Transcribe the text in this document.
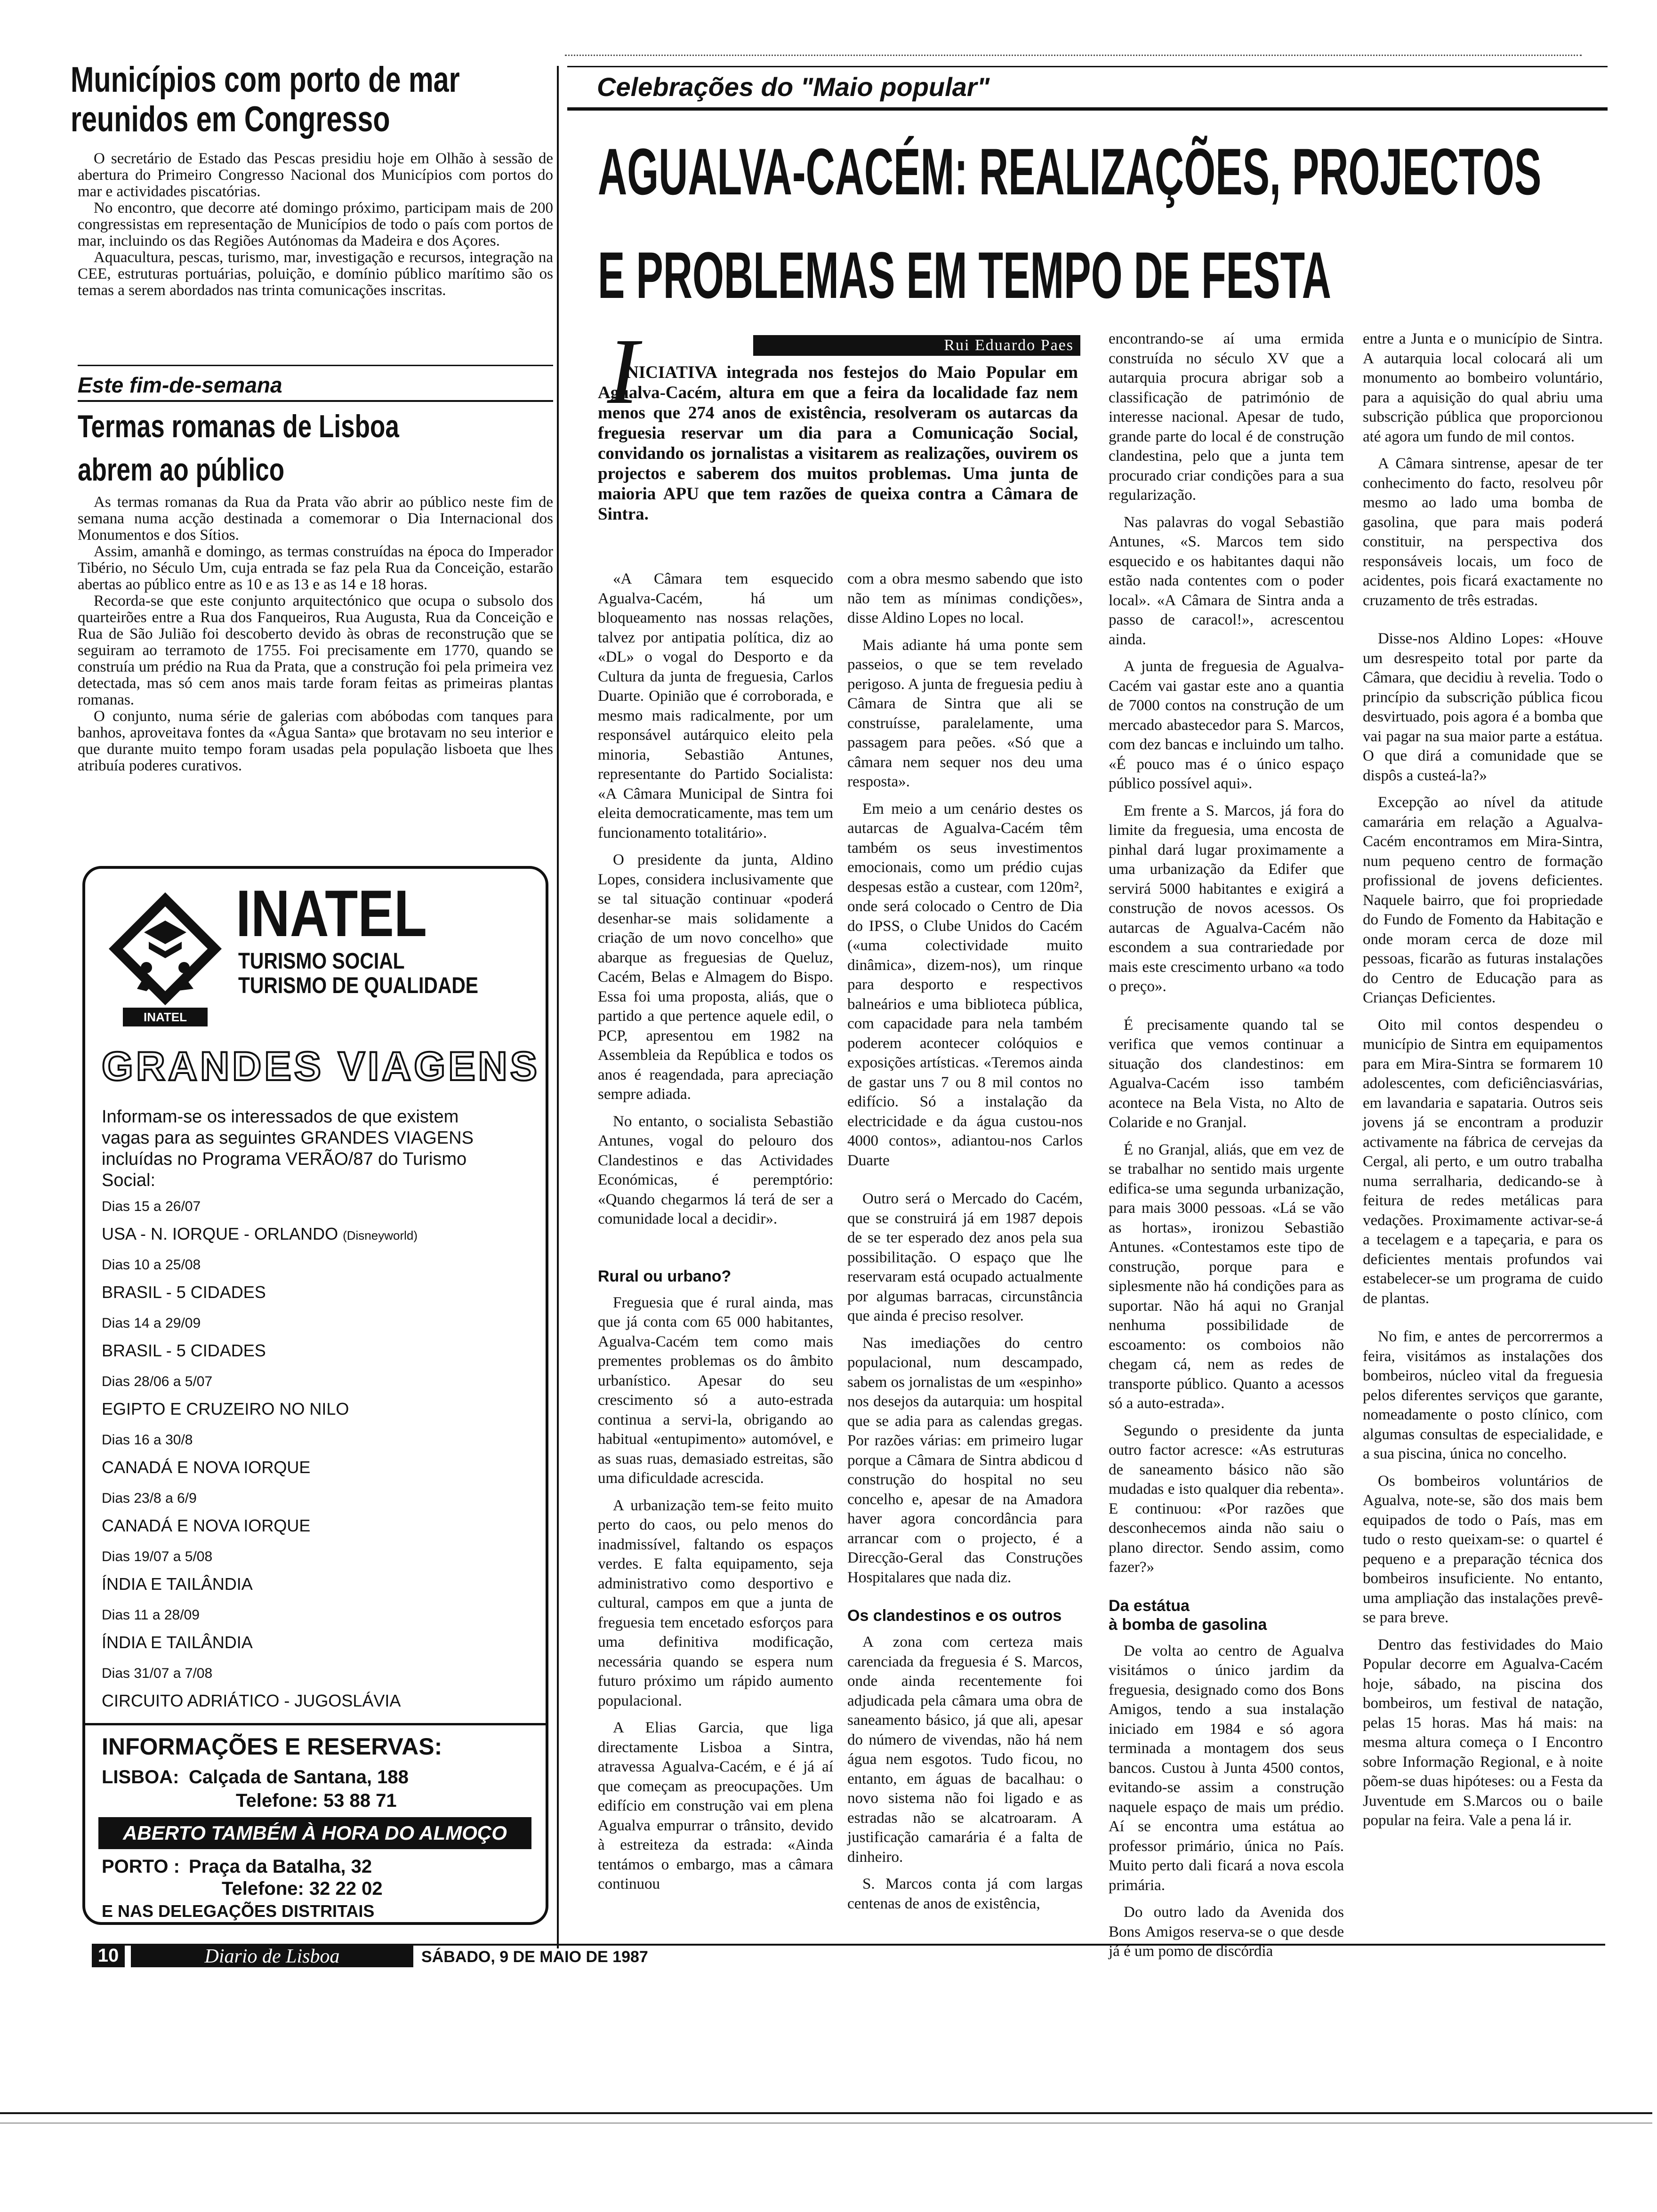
Municípios com porto de mar
reunidos em Congresso

O secretário de Estado das Pescas presidiu hoje em Olhão à sessão de abertura do Primeiro Congresso Nacional dos Municípios com portos do mar e actividades piscatórias.

No encontro, que decorre até domingo próximo, participam mais de 200 congressistas em representação de Municípios de todo o país com portos de mar, incluindo os das Regiões Autónomas da Madeira e dos Açores.

Aquacultura, pescas, turismo, mar, investigação e recursos, integração na CEE, estruturas portuárias, poluição, e domínio público marítimo são os temas a serem abordados nas trinta comunicações inscritas.

Este fim-de-semana
Termas romanas de Lisboa
abrem ao público

As termas romanas da Rua da Prata vão abrir ao público neste fim de semana numa acção destinada a comemorar o Dia Internacional dos Monumentos e dos Sítios.

Assim, amanhã e domingo, as termas construídas na época do Imperador Tibério, no Século Um, cuja entrada se faz pela Rua da Conceição, estarão abertas ao público entre as 10 e as 13 e as 14 e 18 horas.

Recorda-se que este conjunto arquitectónico que ocupa o subsolo dos quarteirões entre a Rua dos Fanqueiros, Rua Augusta, Rua da Conceição e Rua de São Julião foi descoberto devido às obras de reconstrução que se seguiram ao terramoto de 1755. Foi precisamente em 1770, quando se construía um prédio na Rua da Prata, que a construção foi pela primeira vez detectada, mas só cem anos mais tarde foram feitas as primeiras plantas romanas.

O conjunto, numa série de galerias com abóbodas com tanques para banhos, aproveitava fontes da «Água Santa» que brotavam no seu interior e que durante muito tempo foram usadas pela população lisboeta que lhes atribuía poderes curativos.

INATEL
INATEL
TURISMO SOCIAL
TURISMO DE QUALIDADE
GRANDES VIAGENS
Informam-se os interessados de que existem
vagas para as seguintes GRANDES VIAGENS
incluídas no Programa VERÃO/87 do Turismo
Social:
Dias 15 a 26/07
USA - N. IORQUE - ORLANDO (Disneyworld)
Dias 10 a 25/08
BRASIL - 5 CIDADES
Dias 14 a 29/09
BRASIL - 5 CIDADES
Dias 28/06 a 5/07
EGIPTO E CRUZEIRO NO NILO
Dias 16 a 30/8
CANADÁ E NOVA IORQUE
Dias 23/8 a 6/9
CANADÁ E NOVA IORQUE
Dias 19/07 a 5/08
ÍNDIA E TAILÂNDIA
Dias 11 a 28/09
ÍNDIA E TAILÂNDIA
Dias 31/07 a 7/08
CIRCUITO ADRIÁTICO - JUGOSLÁVIA
INFORMAÇÕES E RESERVAS:
LISBOA: Calçada de Santana, 188
Telefone: 53 88 71
ABERTO TAMBÉM À HORA DO ALMOÇO
PORTO : Praça da Batalha, 32
Telefone: 32 22 02
E NAS DELEGAÇÕES DISTRITAIS
Celebrações do "Maio popular"
AGUALVA-CACÉM: REALIZAÇÕES, PROJECTOS
E PROBLEMAS EM TEMPO DE FESTA
Rui Eduardo Paes
I
NICIATIVA integrada nos festejos do Maio Popular em Agualva-Cacém, altura em que a feira da localidade faz nem menos que 274 anos de existência, resolveram os autarcas da freguesia reservar um dia para a Comunicação Social, convidando os jornalistas a visitarem as realizações, ouvirem os projectos e saberem dos muitos problemas. Uma junta de maioria APU que tem razões de queixa contra a Câmara de Sintra.

«A Câmara tem esquecido Agualva-Cacém, há um bloqueamento nas nossas relações, talvez por antipatia política, diz ao «DL» o vogal do Desporto e da Cultura da junta de freguesia, Carlos Duarte. Opinião que é corroborada, e mesmo mais radicalmente, por um responsável autárquico eleito pela minoria, Sebastião Antunes, representante do Partido Socialista: «A Câmara Municipal de Sintra foi eleita democraticamente, mas tem um funcionamento totalitário».

O presidente da junta, Aldino Lopes, considera inclusivamente que se tal situação continuar «poderá desenhar-se mais solidamente a criação de um novo concelho» que abarque as freguesias de Queluz, Cacém, Belas e Almagem do Bispo. Essa foi uma proposta, aliás, que o partido a que pertence aquele edil, o PCP, apresentou em 1982 na Assembleia da República e todos os anos é reagendada, para apreciação sempre adiada.

No entanto, o socialista Sebastião Antunes, vogal do pelouro dos Clandestinos e das Actividades Económicas, é peremptório: «Quando chegarmos lá terá de ser a comunidade local a decidir».

Rural ou urbano?

Freguesia que é rural ainda, mas que já conta com 65 000 habitantes, Agualva-Cacém tem como mais prementes problemas os do âmbito urbanístico. Apesar do seu crescimento só a auto-estrada continua a servi-la, obrigando ao habitual «entupimento» automóvel, e as suas ruas, demasiado estreitas, são uma dificuldade acrescida.

A urbanização tem-se feito muito perto do caos, ou pelo menos do inadmissível, faltando os espaços verdes. E falta equipamento, seja administrativo como desportivo e cultural, campos em que a junta de freguesia tem encetado esforços para uma definitiva modificação, necessária quando se espera num futuro próximo um rápido aumento populacional.

A Elias Garcia, que liga directamente Lisboa a Sintra, atravessa Agualva-Cacém, e é já aí que começam as preocupações. Um edifício em construção vai em plena Agualva empurrar o trânsito, devido à estreiteza da estrada: «Ainda tentámos o embargo, mas a câmara continuou

com a obra mesmo sabendo que isto não tem as mínimas condições», disse Aldino Lopes no local.

Mais adiante há uma ponte sem passeios, o que se tem revelado perigoso. A junta de freguesia pediu à Câmara de Sintra que ali se construísse, paralelamente, uma passagem para peões. «Só que a câmara nem sequer nos deu uma resposta».

Em meio a um cenário destes os autarcas de Agualva-Cacém têm também os seus investimentos emocionais, como um prédio cujas despesas estão a custear, com 120m², onde será colocado o Centro de Dia do IPSS, o Clube Unidos do Cacém («uma colectividade muito dinâmica», dizem-nos), um rinque para desporto e respectivos balneários e uma biblioteca pública, com capacidade para nela também poderem acontecer colóquios e exposições artísticas. «Teremos ainda de gastar uns 7 ou 8 mil contos no edifício. Só a instalação da electricidade e da água custou-nos 4000 contos», adiantou-nos Carlos Duarte

Outro será o Mercado do Cacém, que se construirá já em 1987 depois de se ter esperado dez anos pela sua possibilitação. O espaço que lhe reservaram está ocupado actualmente por algumas barracas, circunstância que ainda é preciso resolver.

Nas imediações do centro populacional, num descampado, sabem os jornalistas de um «espinho» nos desejos da autarquia: um hospital que se adia para as calendas gregas. Por razões várias: em primeiro lugar porque a Câmara de Sintra abdicou d construção do hospital no seu concelho e, apesar de na Amadora haver agora concordância para arrancar com o projecto, é a Direcção-Geral das Construções Hospitalares que nada diz.

Os clandestinos e os outros

A zona com certeza mais carenciada da freguesia é S. Marcos, onde ainda recentemente foi adjudicada pela câmara uma obra de saneamento básico, já que ali, apesar do número de vivendas, não há nem água nem esgotos. Tudo ficou, no entanto, em águas de bacalhau: o novo sistema não foi ligado e as estradas não se alcatroaram. A justificação camarária é a falta de dinheiro.

S. Marcos conta já com largas centenas de anos de existência,

encontrando-se aí uma ermida construída no século XV que a autarquia procura abrigar sob a classificação de património de interesse nacional. Apesar de tudo, grande parte do local é de construção clandestina, pelo que a junta tem procurado criar condições para a sua regularização.

Nas palavras do vogal Sebastião Antunes, «S. Marcos tem sido esquecido e os habitantes daqui não estão nada contentes com o poder local». «A Câmara de Sintra anda a passo de caracol!», acrescentou ainda.

A junta de freguesia de Agualva-Cacém vai gastar este ano a quantia de 7000 contos na construção de um mercado abastecedor para S. Marcos, com dez bancas e incluindo um talho. «É pouco mas é o único espaço público possível aqui».

Em frente a S. Marcos, já fora do limite da freguesia, uma encosta de pinhal dará lugar proximamente a uma urbanização da Edifer que servirá 5000 habitantes e exigirá a construção de novos acessos. Os autarcas de Agualva-Cacém não escondem a sua contrariedade por mais este crescimento urbano «a todo o preço».

É precisamente quando tal se verifica que vemos continuar a situação dos clandestinos: em Agualva-Cacém isso também acontece na Bela Vista, no Alto de Colaride e no Granjal.

É no Granjal, aliás, que em vez de se trabalhar no sentido mais urgente edifica-se uma segunda urbanização, para mais 3000 pessoas. «Lá se vão as hortas», ironizou Sebastião Antunes. «Contestamos este tipo de construção, porque para e siplesmente não há condições para as suportar. Não há aqui no Granjal nenhuma possibilidade de escoamento: os comboios não chegam cá, nem as redes de transporte público. Quanto a acessos só a auto-estrada».

Segundo o presidente da junta outro factor acresce: «As estruturas de saneamento básico não são mudadas e isto qualquer dia rebenta». E continuou: «Por razões que desconhecemos ainda não saiu o plano director. Sendo assim, como fazer?»

Da estátua
à bomba de gasolina

De volta ao centro de Agualva visitámos o único jardim da freguesia, designado como dos Bons Amigos, tendo a sua instalação iniciado em 1984 e só agora terminada a montagem dos seus bancos. Custou à Junta 4500 contos, evitando-se assim a construção naquele espaço de mais um prédio. Aí se encontra uma estátua ao professor primário, única no País. Muito perto dali ficará a nova escola primária.

Do outro lado da Avenida dos Bons Amigos reserva-se o que desde já é um pomo de discórdia

entre a Junta e o município de Sintra. A autarquia local colocará ali um monumento ao bombeiro voluntário, para a aquisição do qual abriu uma subscrição pública que proporcionou até agora um fundo de mil contos.

A Câmara sintrense, apesar de ter conhecimento do facto, resolveu pôr mesmo ao lado uma bomba de gasolina, que para mais poderá constituir, na perspectiva dos responsáveis locais, um foco de acidentes, pois ficará exactamente no cruzamento de três estradas.

Disse-nos Aldino Lopes: «Houve um desrespeito total por parte da Câmara, que decidiu à revelia. Todo o princípio da subscrição pública ficou desvirtuado, pois agora é a bomba que vai pagar na sua maior parte a estátua. O que dirá a comunidade que se dispôs a custeá-la?»

Excepção ao nível da atitude camarária em relação a Agualva-Cacém encontramos em Mira-Sintra, num pequeno centro de formação profissional de jovens deficientes. Naquele bairro, que foi propriedade do Fundo de Fomento da Habitação e onde moram cerca de doze mil pessoas, ficarão as futuras instalações do Centro de Educação para as Crianças Deficientes.

Oito mil contos despendeu o município de Sintra em equipamentos para em Mira-Sintra se formarem 10 adolescentes, com deficiênciasvárias, em lavandaria e sapataria. Outros seis jovens já se encontram a produzir activamente na fábrica de cervejas da Cergal, ali perto, e um outro trabalha numa serralharia, dedicando-se à feitura de redes metálicas para vedações. Proximamente activar-se-á a tecelagem e a tapeçaria, e para os deficientes mentais profundos vai estabelecer-se um programa de cuido de plantas.

No fim, e antes de percorrermos a feira, visitámos as instalações dos bombeiros, núcleo vital da freguesia pelos diferentes serviços que garante, nomeadamente o posto clínico, com algumas consultas de especialidade, e a sua piscina, única no concelho.

Os bombeiros voluntários de Agualva, note-se, são dos mais bem equipados de todo o País, mas em tudo o resto queixam-se: o quartel é pequeno e a preparação técnica dos bombeiros insuficiente. No entanto, uma ampliação das instalações prevê-se para breve.

Dentro das festividades do Maio Popular decorre em Agualva-Cacém hoje, sábado, na piscina dos bombeiros, um festival de natação, pelas 15 horas. Mas há mais: na mesma altura começa o I Encontro sobre Informação Regional, e à noite põem-se duas hipóteses: ou a Festa da Juventude em S.Marcos ou o baile popular na feira. Vale a pena lá ir.

10	Diario de Lisboa	SÁBADO, 9 DE MAIO DE 1987
